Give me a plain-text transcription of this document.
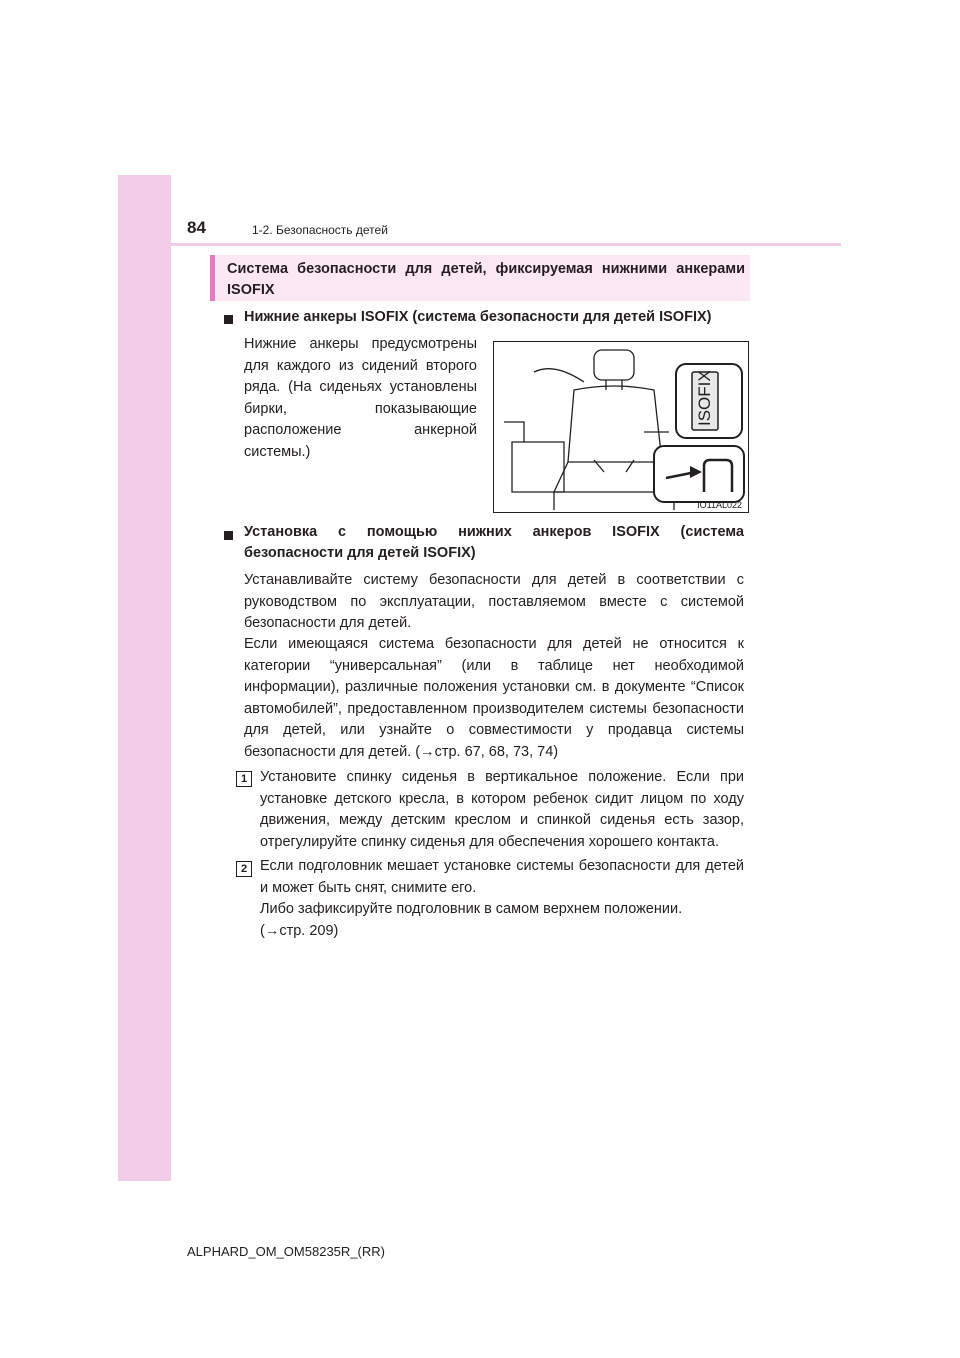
84	1-2. Безопасность детей
Система безопасности для детей, фиксируемая нижними анкерами
ISOFIX
Нижние анкеры ISOFIX (система безопасности для детей ISOFIX)
Нижние анкеры предусмотрены для каждого из сидений второго ряда. (На сиденьях установлены бирки, показывающие расположение анкерной системы.)
ISOFIX
IO11AL022
Установка с помощью нижних анкеров ISOFIX (система
безопасности для детей ISOFIX)
Устанавливайте систему безопасности для детей в соответствии с руководством по эксплуатации, поставляемом вместе с системой безопасности для детей.
Если имеющаяся система безопасности для детей не относится к категории “универсальная” (или в таблице нет необходимой информации), различные положения установки см. в документе “Список автомобилей”, предоставленном производителем системы безопасности для детей, или узнайте о совместимости у продавца системы безопасности для детей. (→стр. 67, 68, 73, 74)
1 Установите спинку сиденья в вертикальное положение. Если при установке детского кресла, в котором ребенок сидит лицом по ходу движения, между детским креслом и спинкой сиденья есть зазор, отрегулируйте спинку сиденья для обеспечения хорошего контакта.
2 Если подголовник мешает установке системы безопасности для детей и может быть снят, снимите его.
Либо зафиксируйте подголовник в самом верхнем положении.
(→стр. 209)
ALPHARD_OM_OM58235R_(RR)
